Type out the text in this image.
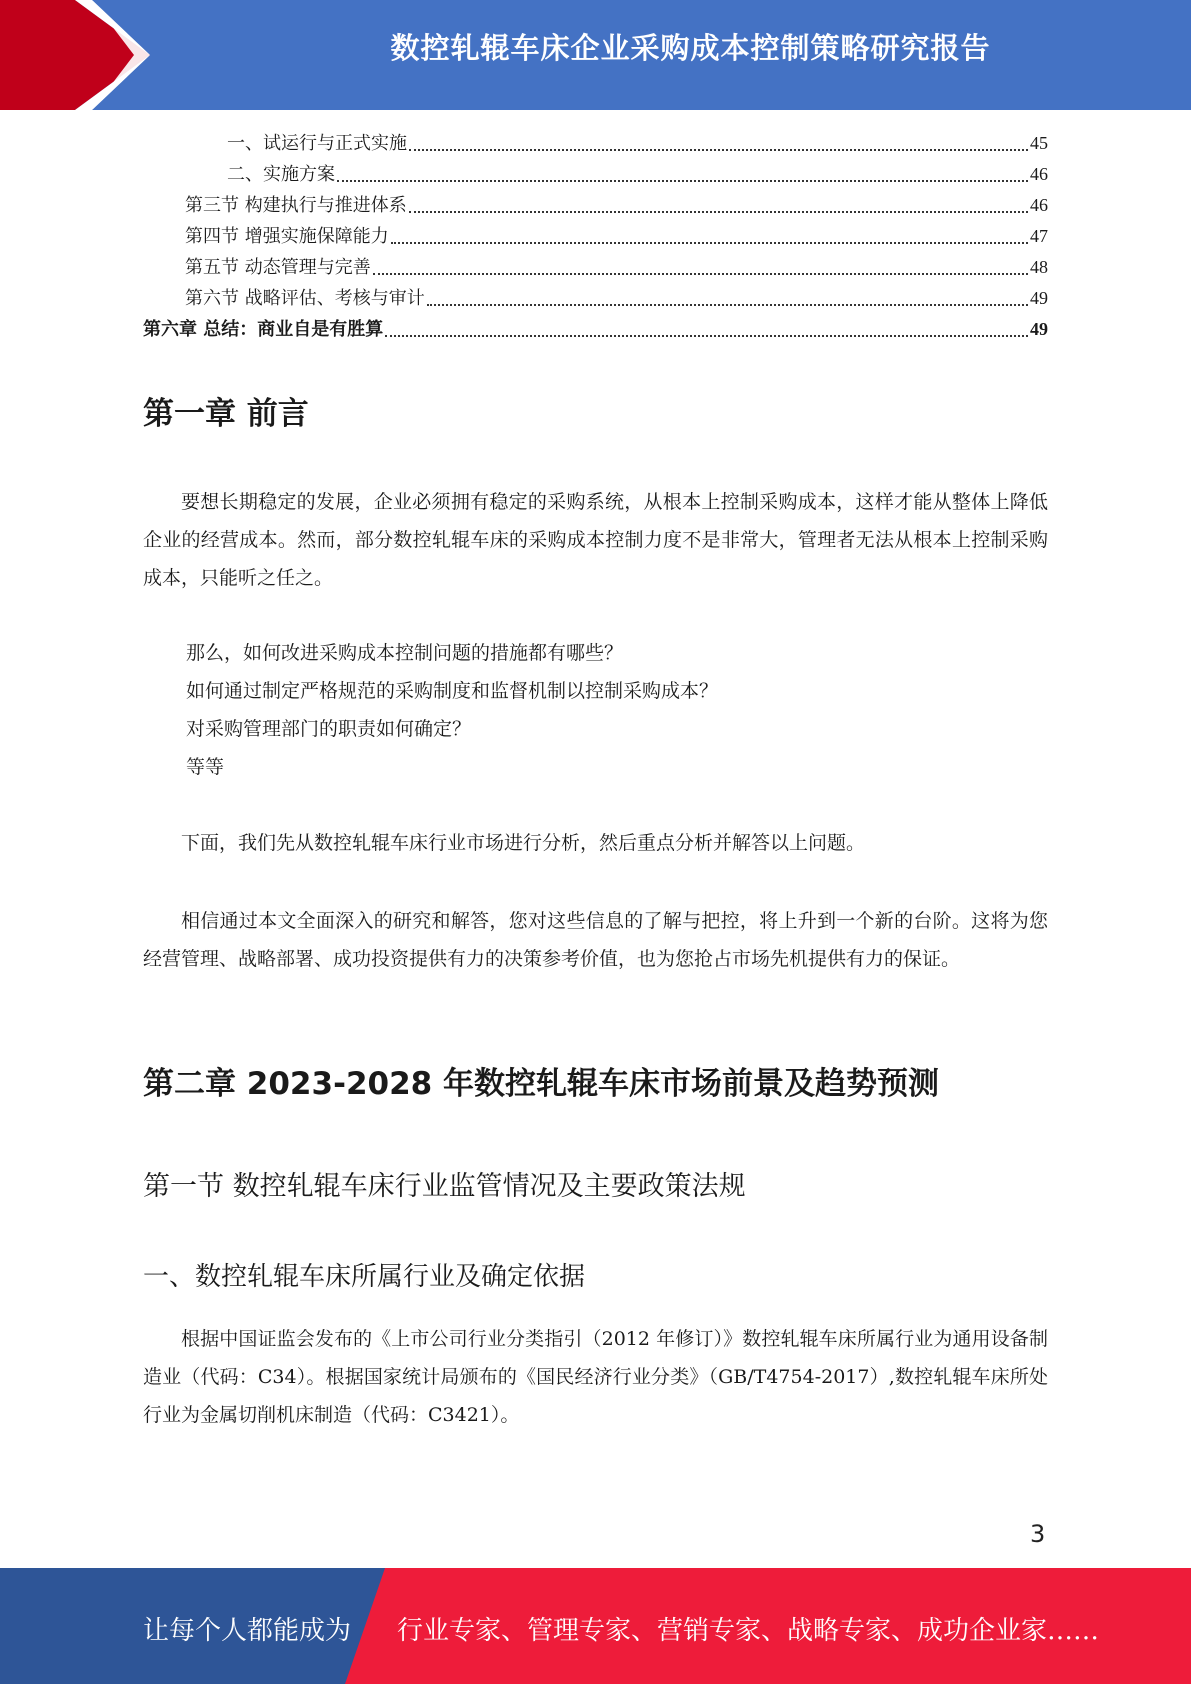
数控轧辊车床企业采购成本控制策略研究报告
一、试运行与正式实施	45
二、实施方案	46
第三节 构建执行与推进体系	46
第四节 增强实施保障能力	47
第五节 动态管理与完善	48
第六节 战略评估、考核与审计	49
第六章 总结：商业自是有胜算	49
第一章 前言

要想长期稳定的发展，企业必须拥有稳定的采购系统，从根本上控制采购成本，这样才能从整体上降低企业的经营成本。然而，部分数控轧辊车床的采购成本控制力度不是非常大，管理者无法从根本上控制采购成本，只能听之任之。

那么，如何改进采购成本控制问题的措施都有哪些？
如何通过制定严格规范的采购制度和监督机制以控制采购成本？
对采购管理部门的职责如何确定？
等等

下面，我们先从数控轧辊车床行业市场进行分析，然后重点分析并解答以上问题。

相信通过本文全面深入的研究和解答，您对这些信息的了解与把控，将上升到一个新的台阶。这将为您经营管理、战略部署、成功投资提供有力的决策参考价值，也为您抢占市场先机提供有力的保证。

第二章 2023-2028 年数控轧辊车床市场前景及趋势预测
第一节 数控轧辊车床行业监管情况及主要政策法规
一、数控轧辊车床所属行业及确定依据

根据中国证监会发布的《上市公司行业分类指引（2012 年修订）》数控轧辊车床所属行业为通用设备制造业（代码：C34）。根据国家统计局颁布的《国民经济行业分类》（GB/T4754-2017）,数控轧辊车床所处行业为金属切削机床制造（代码：C3421）。

3
让每个人都能成为 行业专家、管理专家、营销专家、战略专家、成功企业家……
